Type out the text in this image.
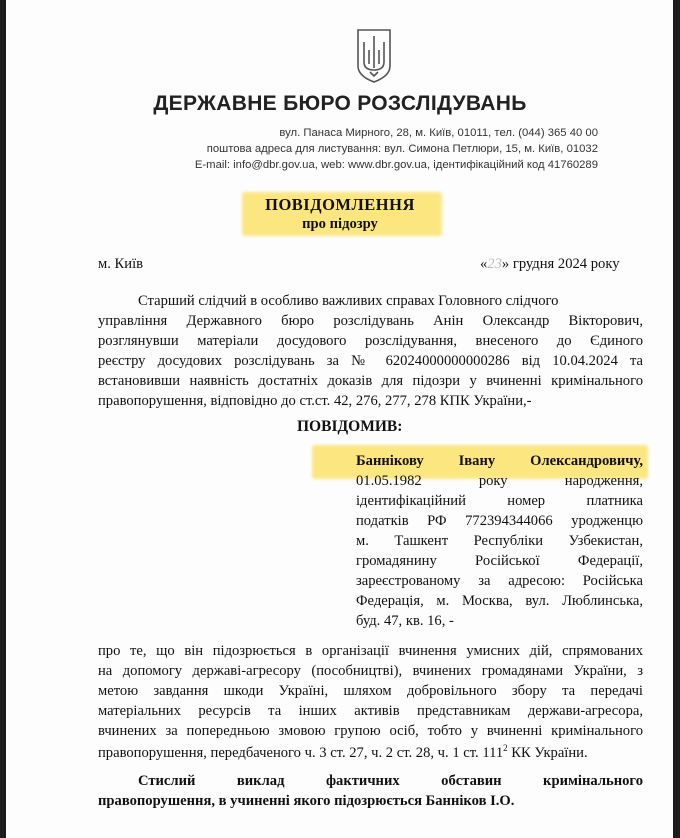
ДЕРЖАВНЕ БЮРО РОЗСЛІДУВАНЬ
вул. Панаса Мирного, 28, м. Київ, 01011, тел. (044) 365 40 00
поштова адреса для листування: вул. Симона Петлюри, 15, м. Київ, 01032
E-mail: info@dbr.gov.ua, web: www.dbr.gov.ua, ідентифікаційний код 41760289
ПОВІДОМЛЕННЯ
про підозру
м. Київ	«23» грудня 2024 року
Старший слідчий в особливо важливих справах Головного слідчого
управління Державного бюро розслідувань Анін Олександр Вікторович,
розглянувши матеріали досудового розслідування, внесеного до Єдиного
реєстру досудових розслідувань за № 62024000000000286 від 10.04.2024 та
встановивши наявність достатніх доказів для підозри у вчиненні кримінального
правопорушення, відповідно до ст.ст. 42, 276, 277, 278 КПК України,-
ПОВІДОМИВ:
Баннікову Івану Олександровичу,
01.05.1982 року народження,
ідентифікаційний номер платника
податків РФ 772394344066 уродженцю
м. Ташкент Республіки Узбекистан,
громадянину Російської Федерації,
зареєстрованому за адресою: Російська
Федерація, м. Москва, вул. Люблинська,
буд. 47, кв. 16, -
про те, що він підозрюється в організації вчинення умисних дій, спрямованих
на допомогу державі-агресору (пособництві), вчинених громадянами України, з
метою завдання шкоди Україні, шляхом добровільного збору та передачі
матеріальних ресурсів та інших активів представникам держави-агресора,
вчинених за попередньою змовою групою осіб, тобто у вчиненні кримінального
правопорушення, передбаченого ч. 3 ст. 27, ч. 2 ст. 28, ч. 1 ст. $111^2$ КК України.
Стислий виклад фактичних обставин кримінального
правопорушення, в учиненні якого підозрюється Банніков І.О.
